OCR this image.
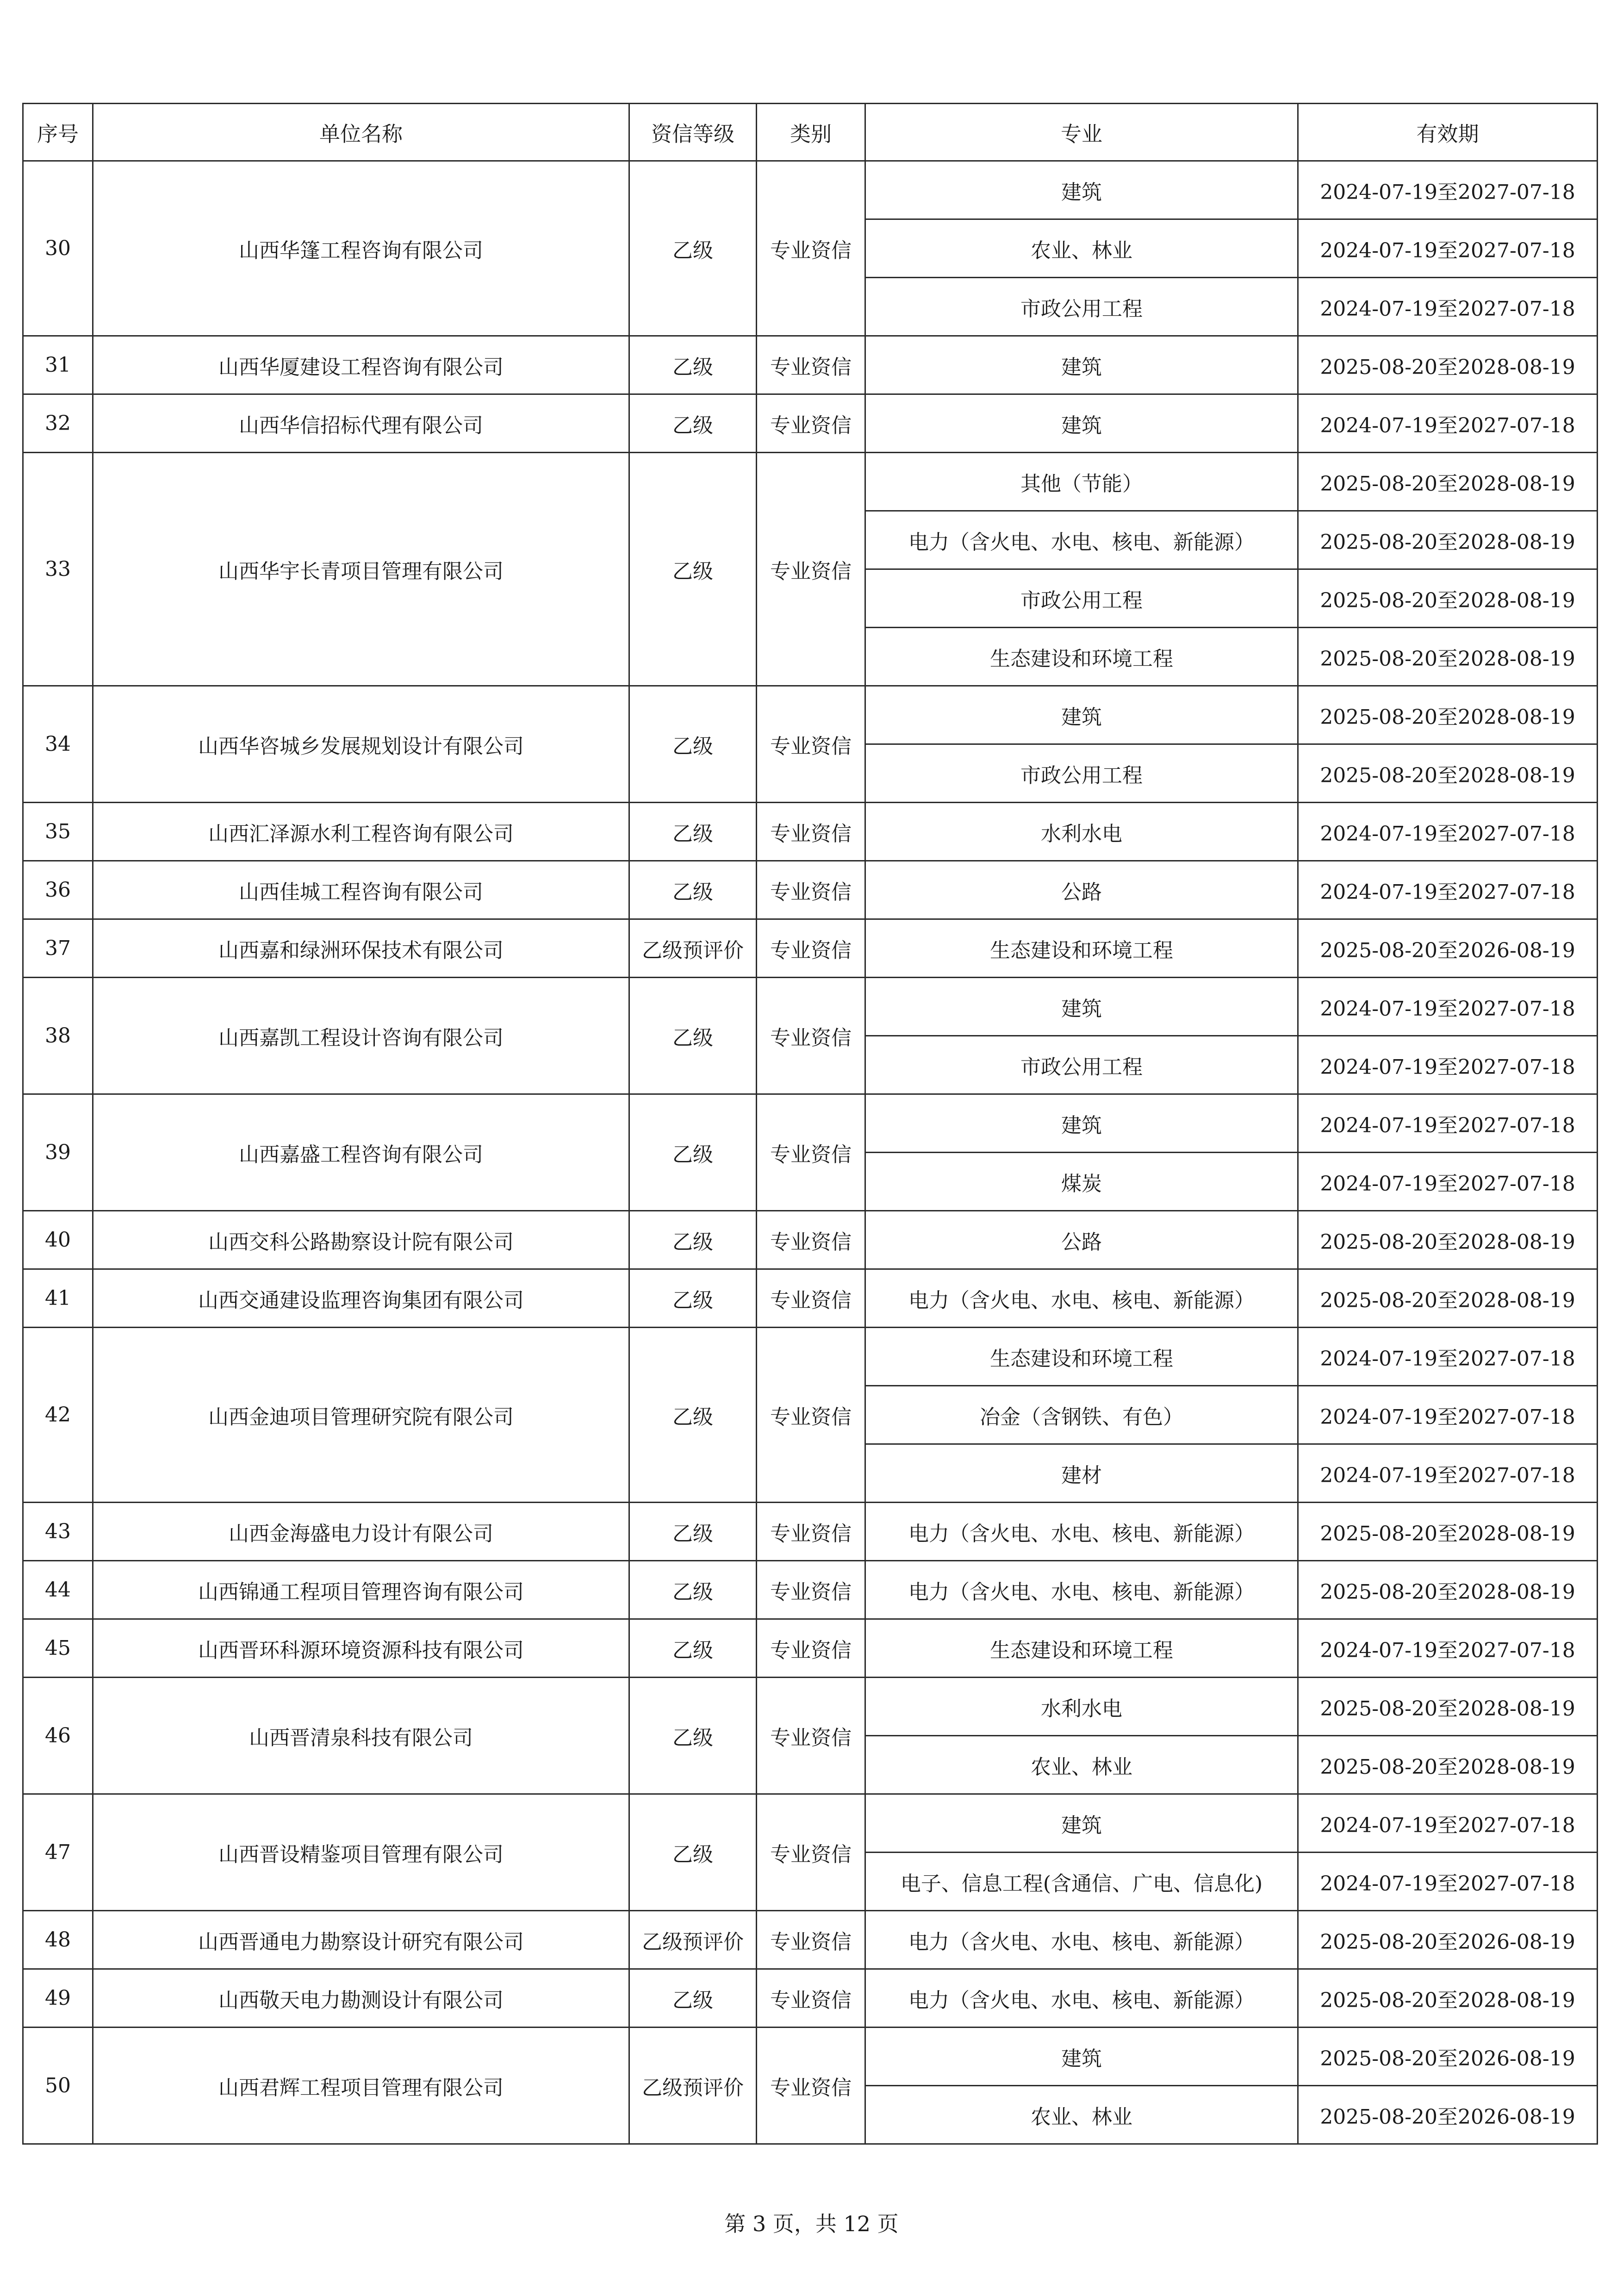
序号	单位名称	资信等级	类别	专业	有效期
30	山西华篷工程咨询有限公司	乙级	专业资信	建筑	2024-07-19至2027-07-18
				农业、林业	2024-07-19至2027-07-18
				市政公用工程	2024-07-19至2027-07-18
31	山西华厦建设工程咨询有限公司	乙级	专业资信	建筑	2025-08-20至2028-08-19
32	山西华信招标代理有限公司	乙级	专业资信	建筑	2024-07-19至2027-07-18
33	山西华宇长青项目管理有限公司	乙级	专业资信	其他（节能）	2025-08-20至2028-08-19
				电力（含火电、水电、核电、新能源）	2025-08-20至2028-08-19
				市政公用工程	2025-08-20至2028-08-19
				生态建设和环境工程	2025-08-20至2028-08-19
34	山西华咨城乡发展规划设计有限公司	乙级	专业资信	建筑	2025-08-20至2028-08-19
				市政公用工程	2025-08-20至2028-08-19
35	山西汇泽源水利工程咨询有限公司	乙级	专业资信	水利水电	2024-07-19至2027-07-18
36	山西佳城工程咨询有限公司	乙级	专业资信	公路	2024-07-19至2027-07-18
37	山西嘉和绿洲环保技术有限公司	乙级预评价	专业资信	生态建设和环境工程	2025-08-20至2026-08-19
38	山西嘉凯工程设计咨询有限公司	乙级	专业资信	建筑	2024-07-19至2027-07-18
				市政公用工程	2024-07-19至2027-07-18
39	山西嘉盛工程咨询有限公司	乙级	专业资信	建筑	2024-07-19至2027-07-18
				煤炭	2024-07-19至2027-07-18
40	山西交科公路勘察设计院有限公司	乙级	专业资信	公路	2025-08-20至2028-08-19
41	山西交通建设监理咨询集团有限公司	乙级	专业资信	电力（含火电、水电、核电、新能源）	2025-08-20至2028-08-19
42	山西金迪项目管理研究院有限公司	乙级	专业资信	生态建设和环境工程	2024-07-19至2027-07-18
				冶金（含钢铁、有色）	2024-07-19至2027-07-18
				建材	2024-07-19至2027-07-18
43	山西金海盛电力设计有限公司	乙级	专业资信	电力（含火电、水电、核电、新能源）	2025-08-20至2028-08-19
44	山西锦通工程项目管理咨询有限公司	乙级	专业资信	电力（含火电、水电、核电、新能源）	2025-08-20至2028-08-19
45	山西晋环科源环境资源科技有限公司	乙级	专业资信	生态建设和环境工程	2024-07-19至2027-07-18
46	山西晋清泉科技有限公司	乙级	专业资信	水利水电	2025-08-20至2028-08-19
				农业、林业	2025-08-20至2028-08-19
47	山西晋设精鉴项目管理有限公司	乙级	专业资信	建筑	2024-07-19至2027-07-18
				电子、信息工程(含通信、广电、信息化)	2024-07-19至2027-07-18
48	山西晋通电力勘察设计研究有限公司	乙级预评价	专业资信	电力（含火电、水电、核电、新能源）	2025-08-20至2026-08-19
49	山西敬天电力勘测设计有限公司	乙级	专业资信	电力（含火电、水电、核电、新能源）	2025-08-20至2028-08-19
50	山西君辉工程项目管理有限公司	乙级预评价	专业资信	建筑	2025-08-20至2026-08-19
				农业、林业	2025-08-20至2026-08-19
第 3 页，共 12 页
